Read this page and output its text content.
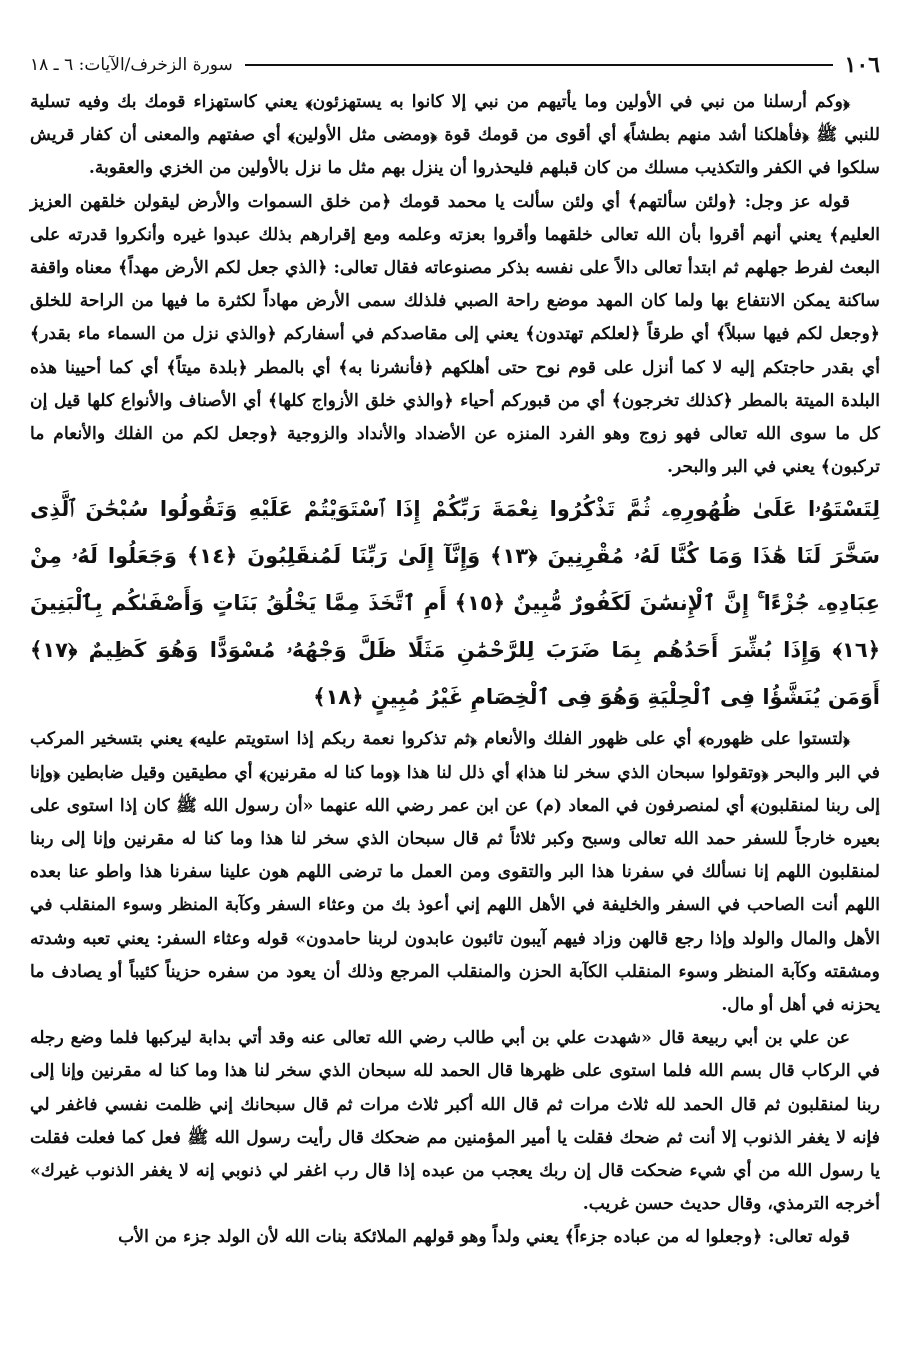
١٠٦
سورة الزخرف/الآيات: ٦ ـ ١٨

﴿وكم أرسلنا من نبي في الأولين وما يأتيهم من نبي إلا كانوا به يستهزئون﴾ يعني كاستهزاء قومك بك وفيه تسلية للنبي ﷺ ﴿فأهلكنا أشد منهم بطشاً﴾ أي أقوى من قومك قوة ﴿ومضى مثل الأولين﴾ أي صفتهم والمعنى أن كفار قريش سلكوا في الكفر والتكذيب مسلك من كان قبلهم فليحذروا أن ينزل بهم مثل ما نزل بالأولين من الخزي والعقوبة.

قوله عز وجل: ﴿ولئن سألتهم﴾ أي ولئن سألت يا محمد قومك ﴿من خلق السموات والأرض ليقولن خلقهن العزيز العليم﴾ يعني أنهم أقروا بأن الله تعالى خلقهما وأقروا بعزته وعلمه ومع إقرارهم بذلك عبدوا غيره وأنكروا قدرته على البعث لفرط جهلهم ثم ابتدأ تعالى دالاً على نفسه بذكر مصنوعاته فقال تعالى: ﴿الذي جعل لكم الأرض مهداً﴾ معناه واقفة ساكنة يمكن الانتفاع بها ولما كان المهد موضع راحة الصبي فلذلك سمى الأرض مهاداً لكثرة ما فيها من الراحة للخلق ﴿وجعل لكم فيها سبلاً﴾ أي طرقاً ﴿لعلكم تهتدون﴾ يعني إلى مقاصدكم في أسفاركم ﴿والذي نزل من السماء ماء بقدر﴾ أي بقدر حاجتكم إليه لا كما أنزل على قوم نوح حتى أهلكهم ﴿فأنشرنا به﴾ أي بالمطر ﴿بلدة ميتاً﴾ أي كما أحيينا هذه البلدة الميتة بالمطر ﴿كذلك تخرجون﴾ أي من قبوركم أحياء ﴿والذي خلق الأزواج كلها﴾ أي الأصناف والأنواع كلها قيل إن كل ما سوى الله تعالى فهو زوج وهو الفرد المنزه عن الأضداد والأنداد والزوجية ﴿وجعل لكم من الفلك والأنعام ما تركبون﴾ يعني في البر والبحر.

لِتَسْتَوُۥا عَلَىٰ ظُهُورِهِۦ ثُمَّ تَذْكُرُوا نِعْمَةَ رَبِّكُمْ إِذَا ٱسْتَوَيْتُمْ عَلَيْهِ وَتَقُولُوا سُبْحَٰنَ ٱلَّذِى سَخَّرَ لَنَا هَٰذَا وَمَا كُنَّا لَهُۥ مُقْرِنِينَ ﴿١٣﴾ وَإِنَّآ إِلَىٰ رَبِّنَا لَمُنقَلِبُونَ ﴿١٤﴾ وَجَعَلُوا لَهُۥ مِنْ عِبَادِهِۦ جُزْءًا ۚ إِنَّ ٱلْإِنسَٰنَ لَكَفُورٌ مُّبِينٌ ﴿١٥﴾ أَمِ ٱتَّخَذَ مِمَّا يَخْلُقُ بَنَاتٍ وَأَصْفَىٰكُم بِٱلْبَنِينَ ﴿١٦﴾ وَإِذَا بُشِّرَ أَحَدُهُم بِمَا ضَرَبَ لِلرَّحْمَٰنِ مَثَلًا ظَلَّ وَجْهُهُۥ مُسْوَدًّا وَهُوَ كَظِيمٌ ﴿١٧﴾ أَوَمَن يُنَشَّؤُا فِى ٱلْحِلْيَةِ وَهُوَ فِى ٱلْخِصَامِ غَيْرُ مُبِينٍ ﴿١٨﴾

﴿لتستوا على ظهوره﴾ أي على ظهور الفلك والأنعام ﴿ثم تذكروا نعمة ربكم إذا استويتم عليه﴾ يعني بتسخير المركب في البر والبحر ﴿وتقولوا سبحان الذي سخر لنا هذا﴾ أي ذلل لنا هذا ﴿وما كنا له مقرنين﴾ أي مطيقين وقيل ضابطين ﴿وإنا إلى ربنا لمنقلبون﴾ أي لمنصرفون في المعاد (م) عن ابن عمر رضي الله عنهما «أن رسول الله ﷺ كان إذا استوى على بعيره خارجاً للسفر حمد الله تعالى وسبح وكبر ثلاثاً ثم قال سبحان الذي سخر لنا هذا وما كنا له مقرنين وإنا إلى ربنا لمنقلبون اللهم إنا نسألك في سفرنا هذا البر والتقوى ومن العمل ما ترضى اللهم هون علينا سفرنا هذا واطو عنا بعده اللهم أنت الصاحب في السفر والخليفة في الأهل اللهم إني أعوذ بك من وعثاء السفر وكآبة المنظر وسوء المنقلب في الأهل والمال والولد وإذا رجع قالهن وزاد فيهم آيبون تائبون عابدون لربنا حامدون» قوله وعثاء السفر: يعني تعبه وشدته ومشقته وكآبة المنظر وسوء المنقلب الكآبة الحزن والمنقلب المرجع وذلك أن يعود من سفره حزيناً كئيباً أو يصادف ما يحزنه في أهل أو مال.

عن علي بن أبي ربيعة قال «شهدت علي بن أبي طالب رضي الله تعالى عنه وقد أتي بدابة ليركبها فلما وضع رجله في الركاب قال بسم الله فلما استوى على ظهرها قال الحمد لله سبحان الذي سخر لنا هذا وما كنا له مقرنين وإنا إلى ربنا لمنقلبون ثم قال الحمد لله ثلاث مرات ثم قال الله أكبر ثلاث مرات ثم قال سبحانك إني ظلمت نفسي فاغفر لي فإنه لا يغفر الذنوب إلا أنت ثم ضحك فقلت يا أمير المؤمنين مم ضحكك قال رأيت رسول الله ﷺ فعل كما فعلت فقلت يا رسول الله من أي شيء ضحكت قال إن ربك يعجب من عبده إذا قال رب اغفر لي ذنوبي إنه لا يغفر الذنوب غيرك» أخرجه الترمذي، وقال حديث حسن غريب.

قوله تعالى: ﴿وجعلوا له من عباده جزءاً﴾ يعني ولداً وهو قولهم الملائكة بنات الله لأن الولد جزء من الأب
